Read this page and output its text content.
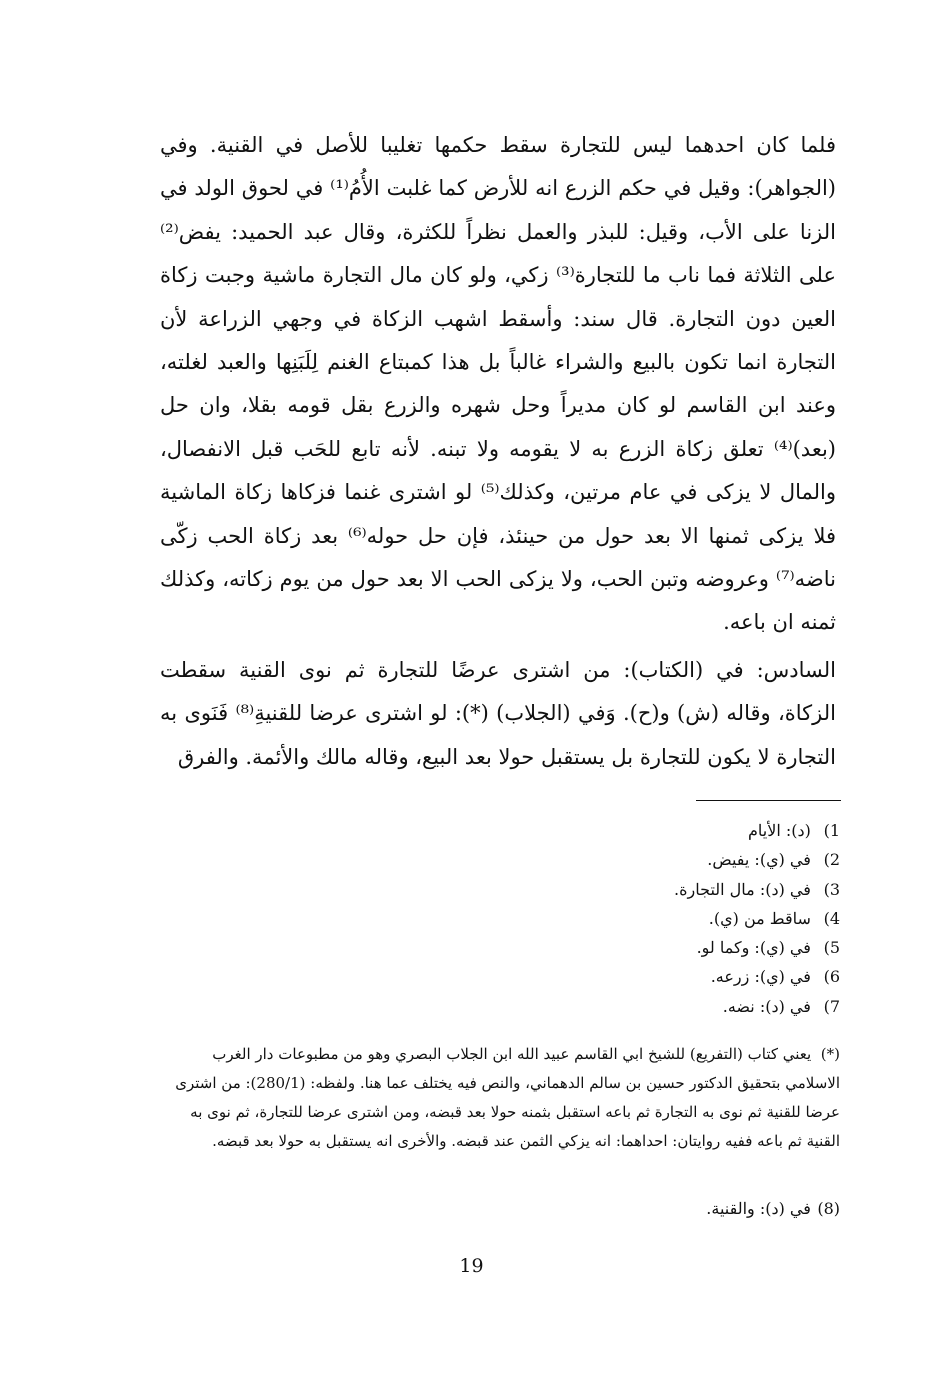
فلما كان احدهما ليس للتجارة سقط حكمها تغليبا للأصل في القنية. وفي (الجواهر): وقيل في حكم الزرع انه للأرض كما غلبت الأُمُ⁽¹⁾ في لحوق الولد في الزنا على الأب، وقيل: للبذر والعمل نظراً للكثرة، وقال عبد الحميد: يفض⁽²⁾ على الثلاثة فما ناب ما للتجارة⁽³⁾ زكي، ولو كان مال التجارة ماشية وجبت زكاة العين دون التجارة. قال سند: وأسقط اشهب الزكاة في وجهي الزراعة لأن التجارة انما تكون بالبيع والشراء غالباً بل هذا كمبتاع الغنم لِلَبَنِها والعبد لغلته، وعند ابن القاسم لو كان مديراً وحل شهره والزرع بقل قومه بقلا، وان حل (بعد)⁽⁴⁾ تعلق زكاة الزرع به لا يقومه ولا تبنه. لأنه تابع للحَب قبل الانفصال، والمال لا يزكى في عام مرتين، وكذلك⁽⁵⁾ لو اشترى غنما فزكاها زكاة الماشية فلا يزكى ثمنها الا بعد حول من حينئذ، فإن حل حوله⁽⁶⁾ بعد زكاة الحب زكّى ناضه⁽⁷⁾ وعروضه وتبن الحب، ولا يزكى الحب الا بعد حول من يوم زكاته، وكذلك ثمنه ان باعه.

السادس: في (الكتاب): من اشترى عرضًا للتجارة ثم نوى القنية سقطت الزكاة، وقاله (ش) و(ح). وَفي (الجلاب) (*): لو اشترى عرضا للقنيةِ⁽⁸⁾ فَنَوى به التجارة لا يكون للتجارة بل يستقبل حولا بعد البيع، وقاله مالك والأئمة. والفرق

1) (د): الأيام
2) في (ي): يفيض.
3) في (د): مال التجارة.
4) ساقط من (ي).
5) في (ي): وكما لو.
6) في (ي): زرعه.
7) في (د): نضه.
(*) يعني كتاب (التفريع) للشيخ ابي القاسم عبيد الله ابن الجلاب البصري وهو من مطبوعات دار الغرب الاسلامي بتحقيق الدكتور حسين بن سالم الدهماني، والنص فيه يختلف عما هنا. ولفظه: (280/1): من اشترى عرضا للقنية ثم نوى به التجارة ثم باعه استقبل بثمنه حولا بعد قبضه، ومن اشترى عرضا للتجارة، ثم نوى به القنية ثم باعه ففيه روايتان: احداهما: انه يزكي الثمن عند قبضه. والأخرى انه يستقبل به حولا بعد قبضه.
(8) في (د): والقنية.
19
